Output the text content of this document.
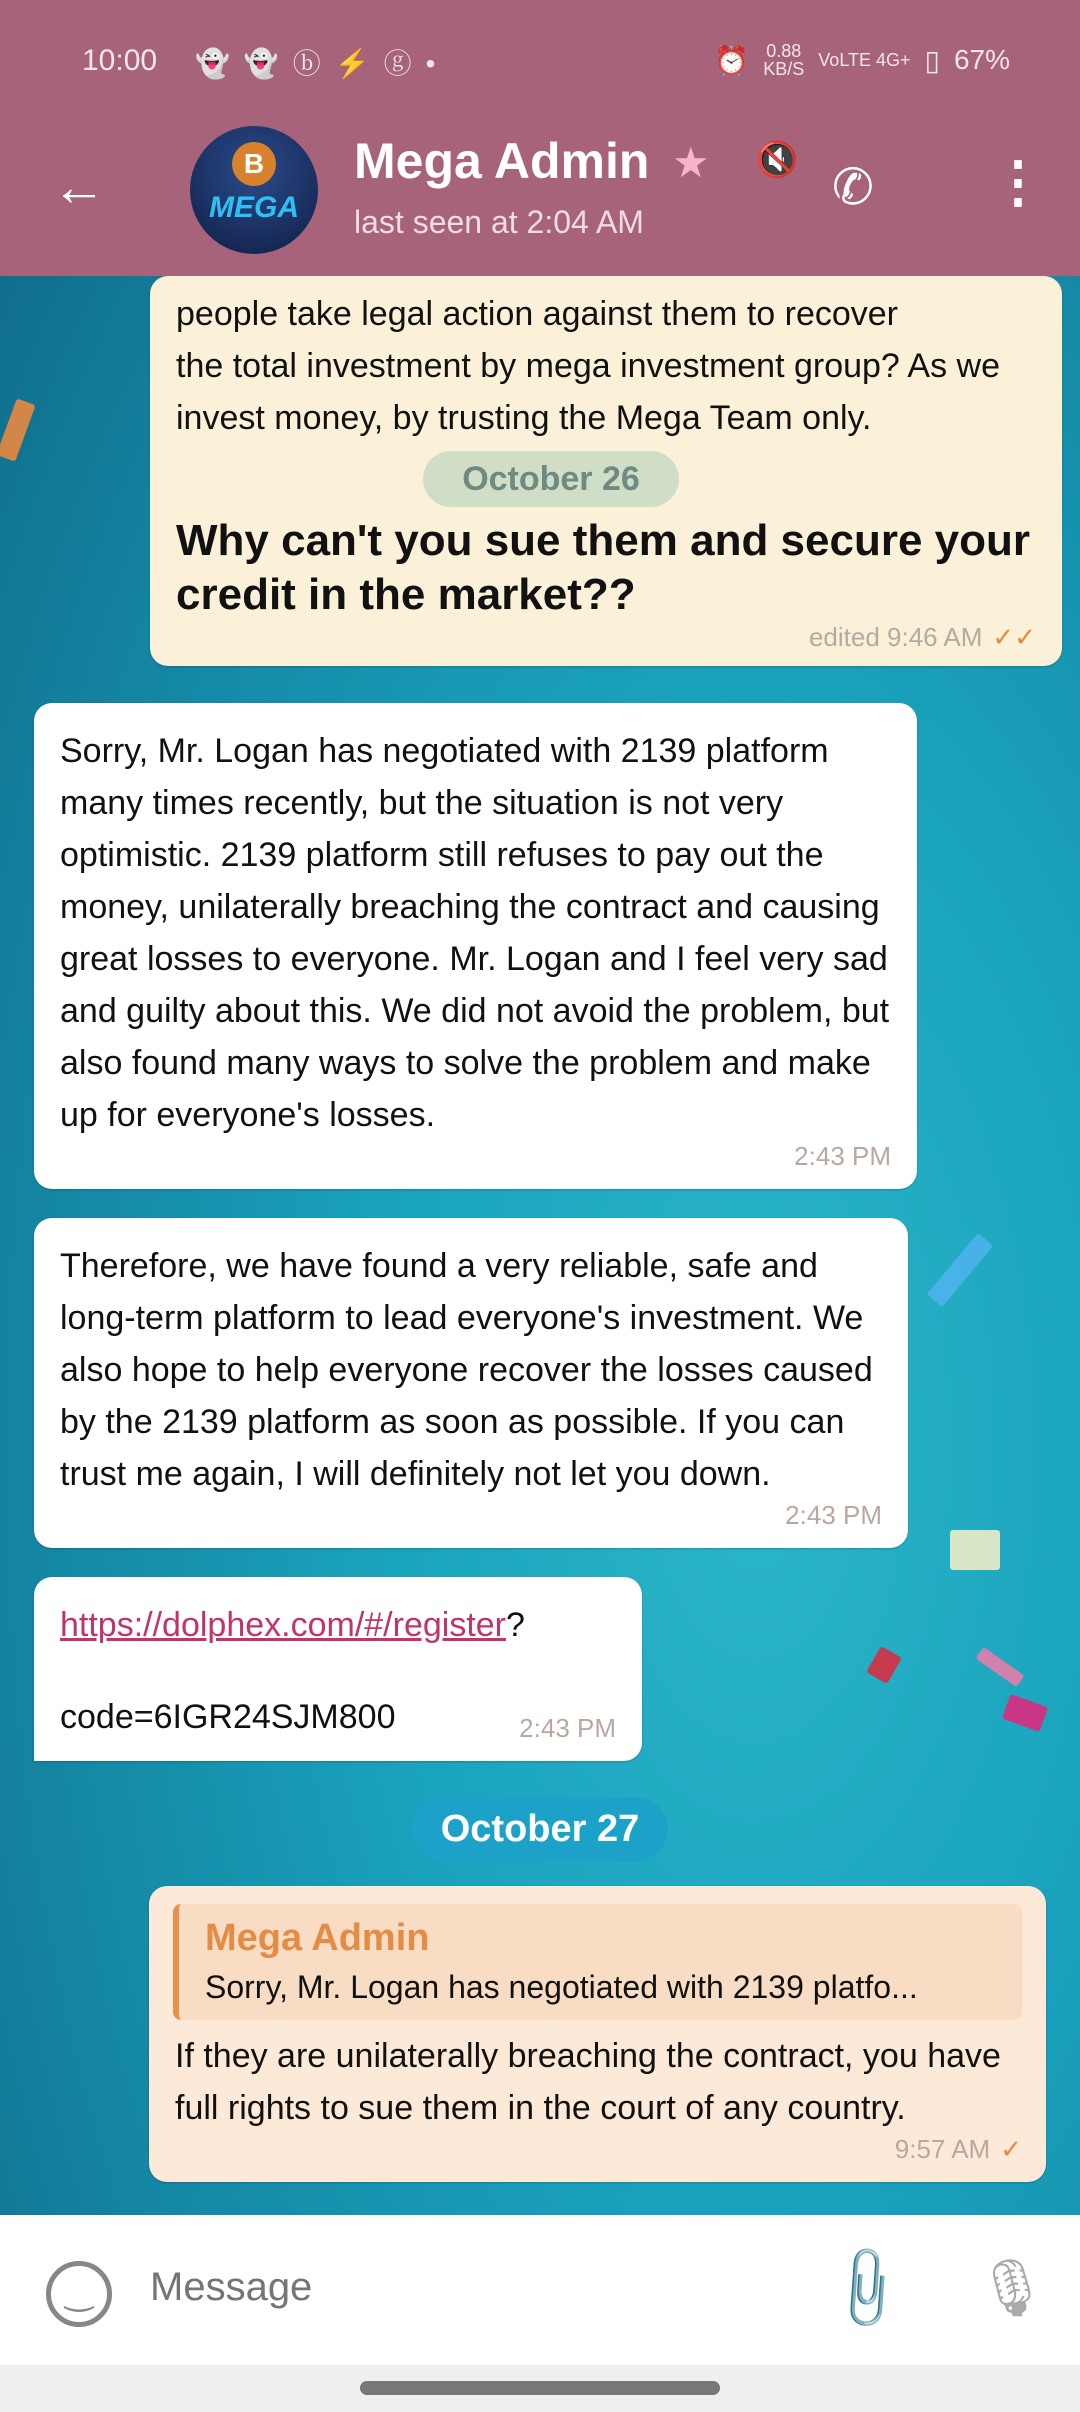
10:00 👻👻ⓑ⚡ⓖ•	⏰ 0.88
KB/S VoLTE 4G+ ▯ 67%
←	B
MEGA
Mega Admin ★ 🔇
last seen at 2:04 AM
✆ ⋮
people take legal action against them to recover
the total investment by mega investment group? As we invest money, by trusting the Mega Team only.
October 26
Why can't you sue them and secure your credit in the market??
edited 9:46 AM ✓✓
Sorry, Mr. Logan has negotiated with 2139 platform many times recently, but the situation is not very optimistic. 2139 platform still refuses to pay out the money, unilaterally breaching the contract and causing great losses to everyone. Mr. Logan and I feel very sad and guilty about this. We did not avoid the problem, but also found many ways to solve the problem and make up for everyone's losses.
2:43 PM
Therefore, we have found a very reliable, safe and long-term platform to lead everyone's investment. We also hope to help everyone recover the losses caused by the 2139 platform as soon as possible. If you can trust me again, I will definitely not let you down.
2:43 PM
https://dolphex.com/#/register?
code=6IGR24SJM800	2:43 PM
October 27
Mega Admin
Sorry, Mr. Logan has negotiated with 2139 platfo...
If they are unilaterally breaching the contract, you have full rights to sue them in the court of any country.
9:57 AM ✓
‿
Message	📎 🎙
